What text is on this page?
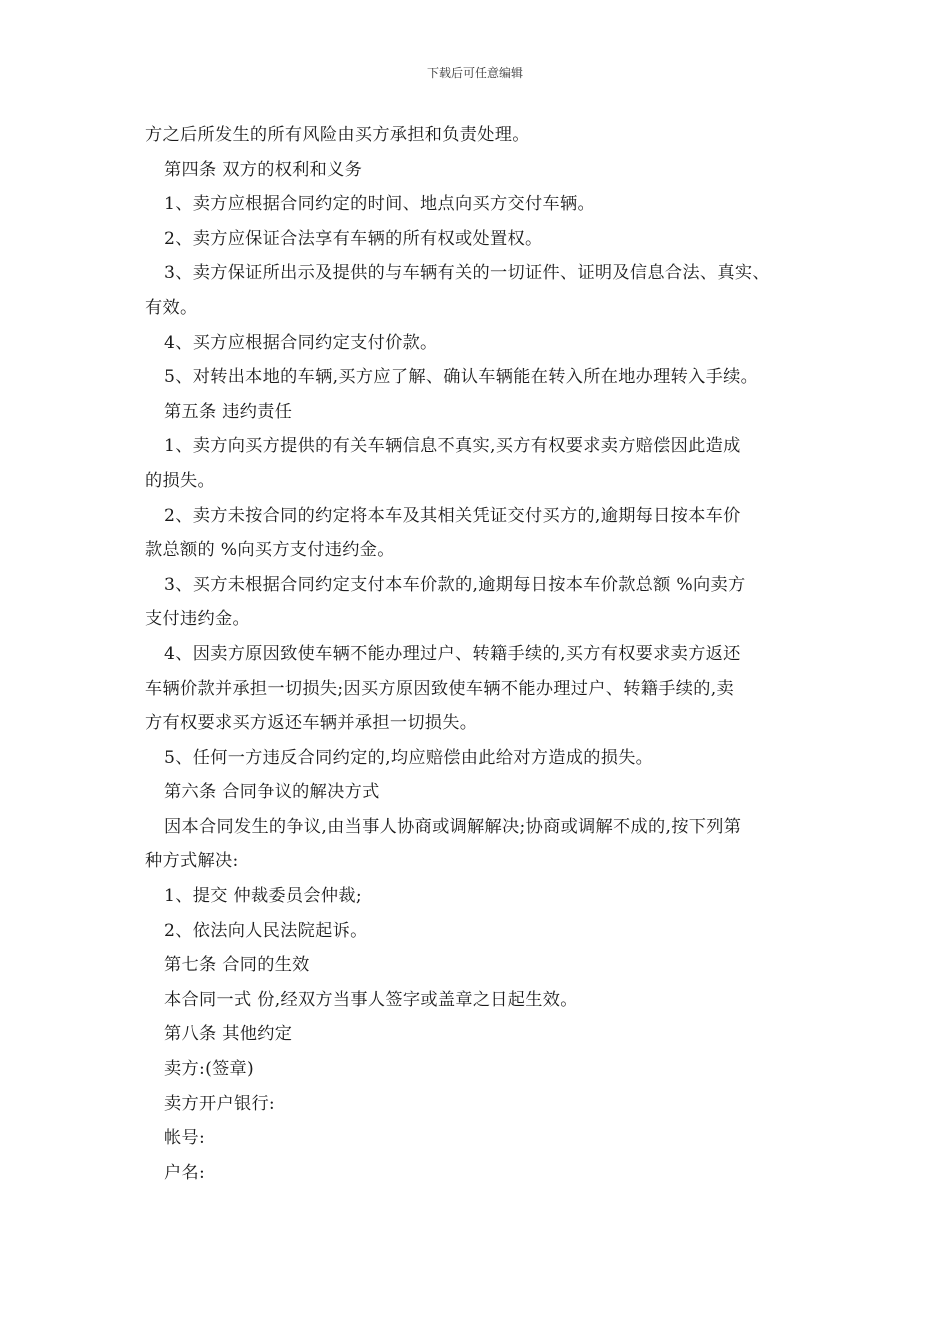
下载后可任意编辑

方之后所发生的所有风险由买方承担和负责处理。

第四条 双方的权利和义务

1、卖方应根据合同约定的时间、地点向买方交付车辆。

2、卖方应保证合法享有车辆的所有权或处置权。

3、卖方保证所出示及提供的与车辆有关的一切证件、证明及信息合法、真实、

有效。

4、买方应根据合同约定支付价款。

5、对转出本地的车辆,买方应了解、确认车辆能在转入所在地办理转入手续。

第五条 违约责任

1、卖方向买方提供的有关车辆信息不真实,买方有权要求卖方赔偿因此造成

的损失。

2、卖方未按合同的约定将本车及其相关凭证交付买方的,逾期每日按本车价

款总额的 %向买方支付违约金。

3、买方未根据合同约定支付本车价款的,逾期每日按本车价款总额 %向卖方

支付违约金。

4、因卖方原因致使车辆不能办理过户、转籍手续的,买方有权要求卖方返还

车辆价款并承担一切损失;因买方原因致使车辆不能办理过户、转籍手续的,卖

方有权要求买方返还车辆并承担一切损失。

5、任何一方违反合同约定的,均应赔偿由此给对方造成的损失。

第六条 合同争议的解决方式

因本合同发生的争议,由当事人协商或调解解决;协商或调解不成的,按下列第

种方式解决:

1、提交 仲裁委员会仲裁;

2、依法向人民法院起诉。

第七条 合同的生效

本合同一式 份,经双方当事人签字或盖章之日起生效。

第八条 其他约定

卖方:(签章)

卖方开户银行:

帐号:

户名:
